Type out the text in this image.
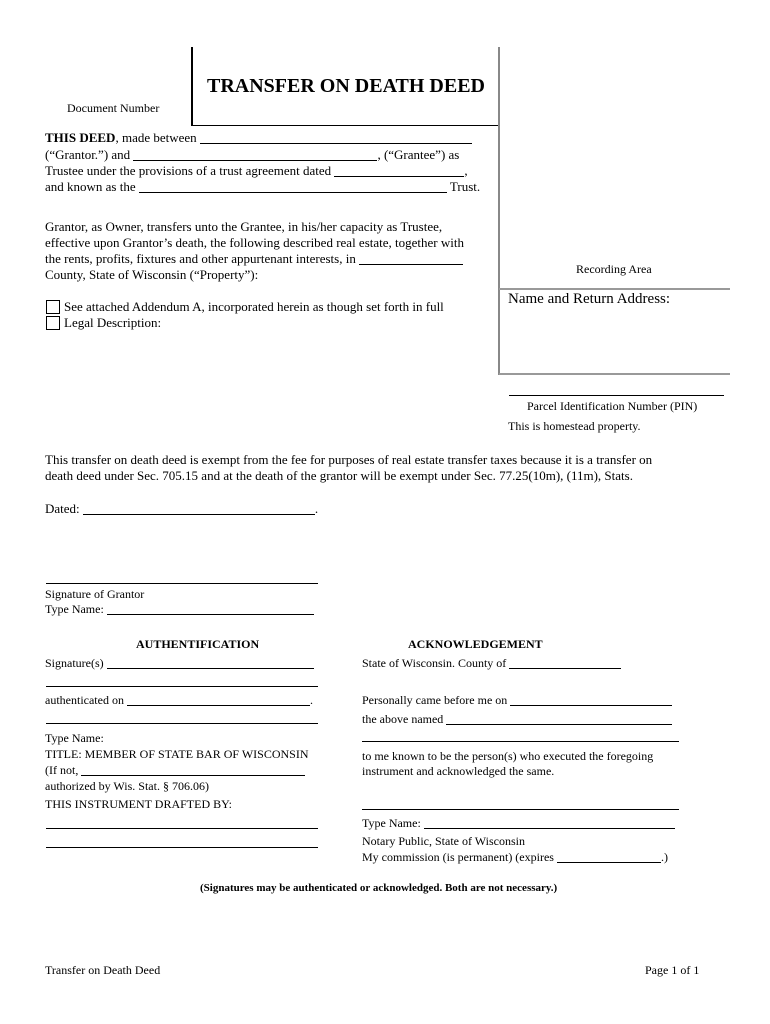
TRANSFER ON DEATH DEED
Document Number
Recording Area
Name and Return Address:
Parcel Identification Number (PIN)
This is homestead property.
THIS DEED, made between
(“Grantor.”) and	, (“Grantee”) as
Trustee under the provisions of a trust agreement dated	,
and known as the	Trust.
Grantor, as Owner, transfers unto the Grantee, in his/her capacity as Trustee,
effective upon Grantor’s death, the following described real estate, together with
the rents, profits, fixtures and other appurtenant interests, in
County, State of Wisconsin (“Property”):
See attached Addendum A, incorporated herein as though set forth in full
Legal Description:
This transfer on death deed is exempt from the fee for purposes of real estate transfer taxes because it is a transfer on
death deed under Sec. 705.15 and at the death of the grantor will be exempt under Sec. 77.25(10m), (11m), Stats.
Dated:	.
Signature of Grantor
Type Name:
AUTHENTIFICATION
Signature(s)
authenticated on	.
Type Name:
TITLE: MEMBER OF STATE BAR OF WISCONSIN
(If not,
authorized by Wis. Stat. § 706.06)
THIS INSTRUMENT DRAFTED BY:
ACKNOWLEDGEMENT
State of Wisconsin. County of
Personally came before me on
the above named
to me known to be the person(s) who executed the foregoing
instrument and acknowledged the same.
Type Name:
Notary Public, State of Wisconsin
My commission (is permanent) (expires	.)
(Signatures may be authenticated or acknowledged. Both are not necessary.)
Transfer on Death Deed	Page 1 of 1
